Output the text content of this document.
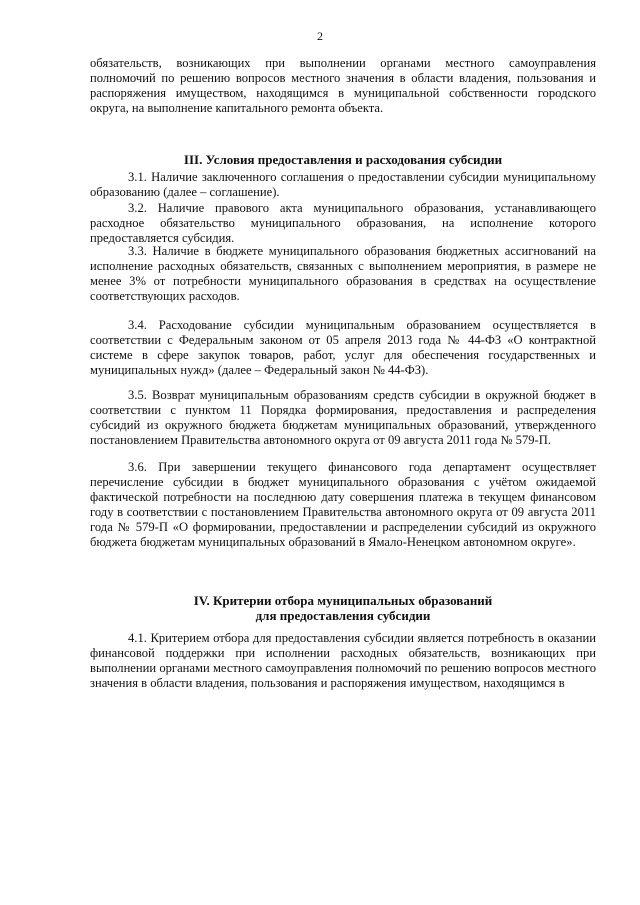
2

обязательств, возникающих при выполнении органами местного самоуправления полномочий по решению вопросов местного значения в области владения, пользования и распоряжения имуществом, находящимся в муниципальной собственности городского округа, на выполнение капитального ремонта объекта.

III. Условия предоставления и расходования субсидии

3.1. Наличие заключенного соглашения о предоставлении субсидии муниципальному образованию (далее – соглашение).

3.2. Наличие правового акта муниципального образования, устанавливающего расходное обязательство муниципального образования, на исполнение которого предоставляется субсидия.

3.3. Наличие в бюджете муниципального образования бюджетных ассигнований на исполнение расходных обязательств, связанных с выполнением мероприятия, в размере не менее 3% от потребности муниципального образования в средствах на осуществление соответствующих расходов.

3.4. Расходование субсидии муниципальным образованием осуществляется в соответствии с Федеральным законом от 05 апреля 2013 года № 44-ФЗ «О контрактной системе в сфере закупок товаров, работ, услуг для обеспечения государственных и муниципальных нужд» (далее – Федеральный закон № 44-ФЗ).

3.5. Возврат муниципальным образованиям средств субсидии в окружной бюджет в соответствии с пунктом 11 Порядка формирования, предоставления и распределения субсидий из окружного бюджета бюджетам муниципальных образований, утвержденного постановлением Правительства автономного округа от 09 августа 2011 года № 579-П.

3.6. При завершении текущего финансового года департамент осуществляет перечисление субсидии в бюджет муниципального образования с учётом ожидаемой фактической потребности на последнюю дату совершения платежа в текущем финансовом году в соответствии с постановлением Правительства автономного округа от 09 августа 2011 года № 579-П «О формировании, предоставлении и распределении субсидий из окружного бюджета бюджетам муниципальных образований в Ямало-Ненецком автономном округе».

IV. Критерии отбора муниципальных образований

для предоставления субсидии

4.1. Критерием отбора для предоставления субсидии является потребность в оказании финансовой поддержки при исполнении расходных обязательств, возникающих при выполнении органами местного самоуправления полномочий по решению вопросов местного значения в области владения, пользования и распоряжения имуществом, находящимся в
